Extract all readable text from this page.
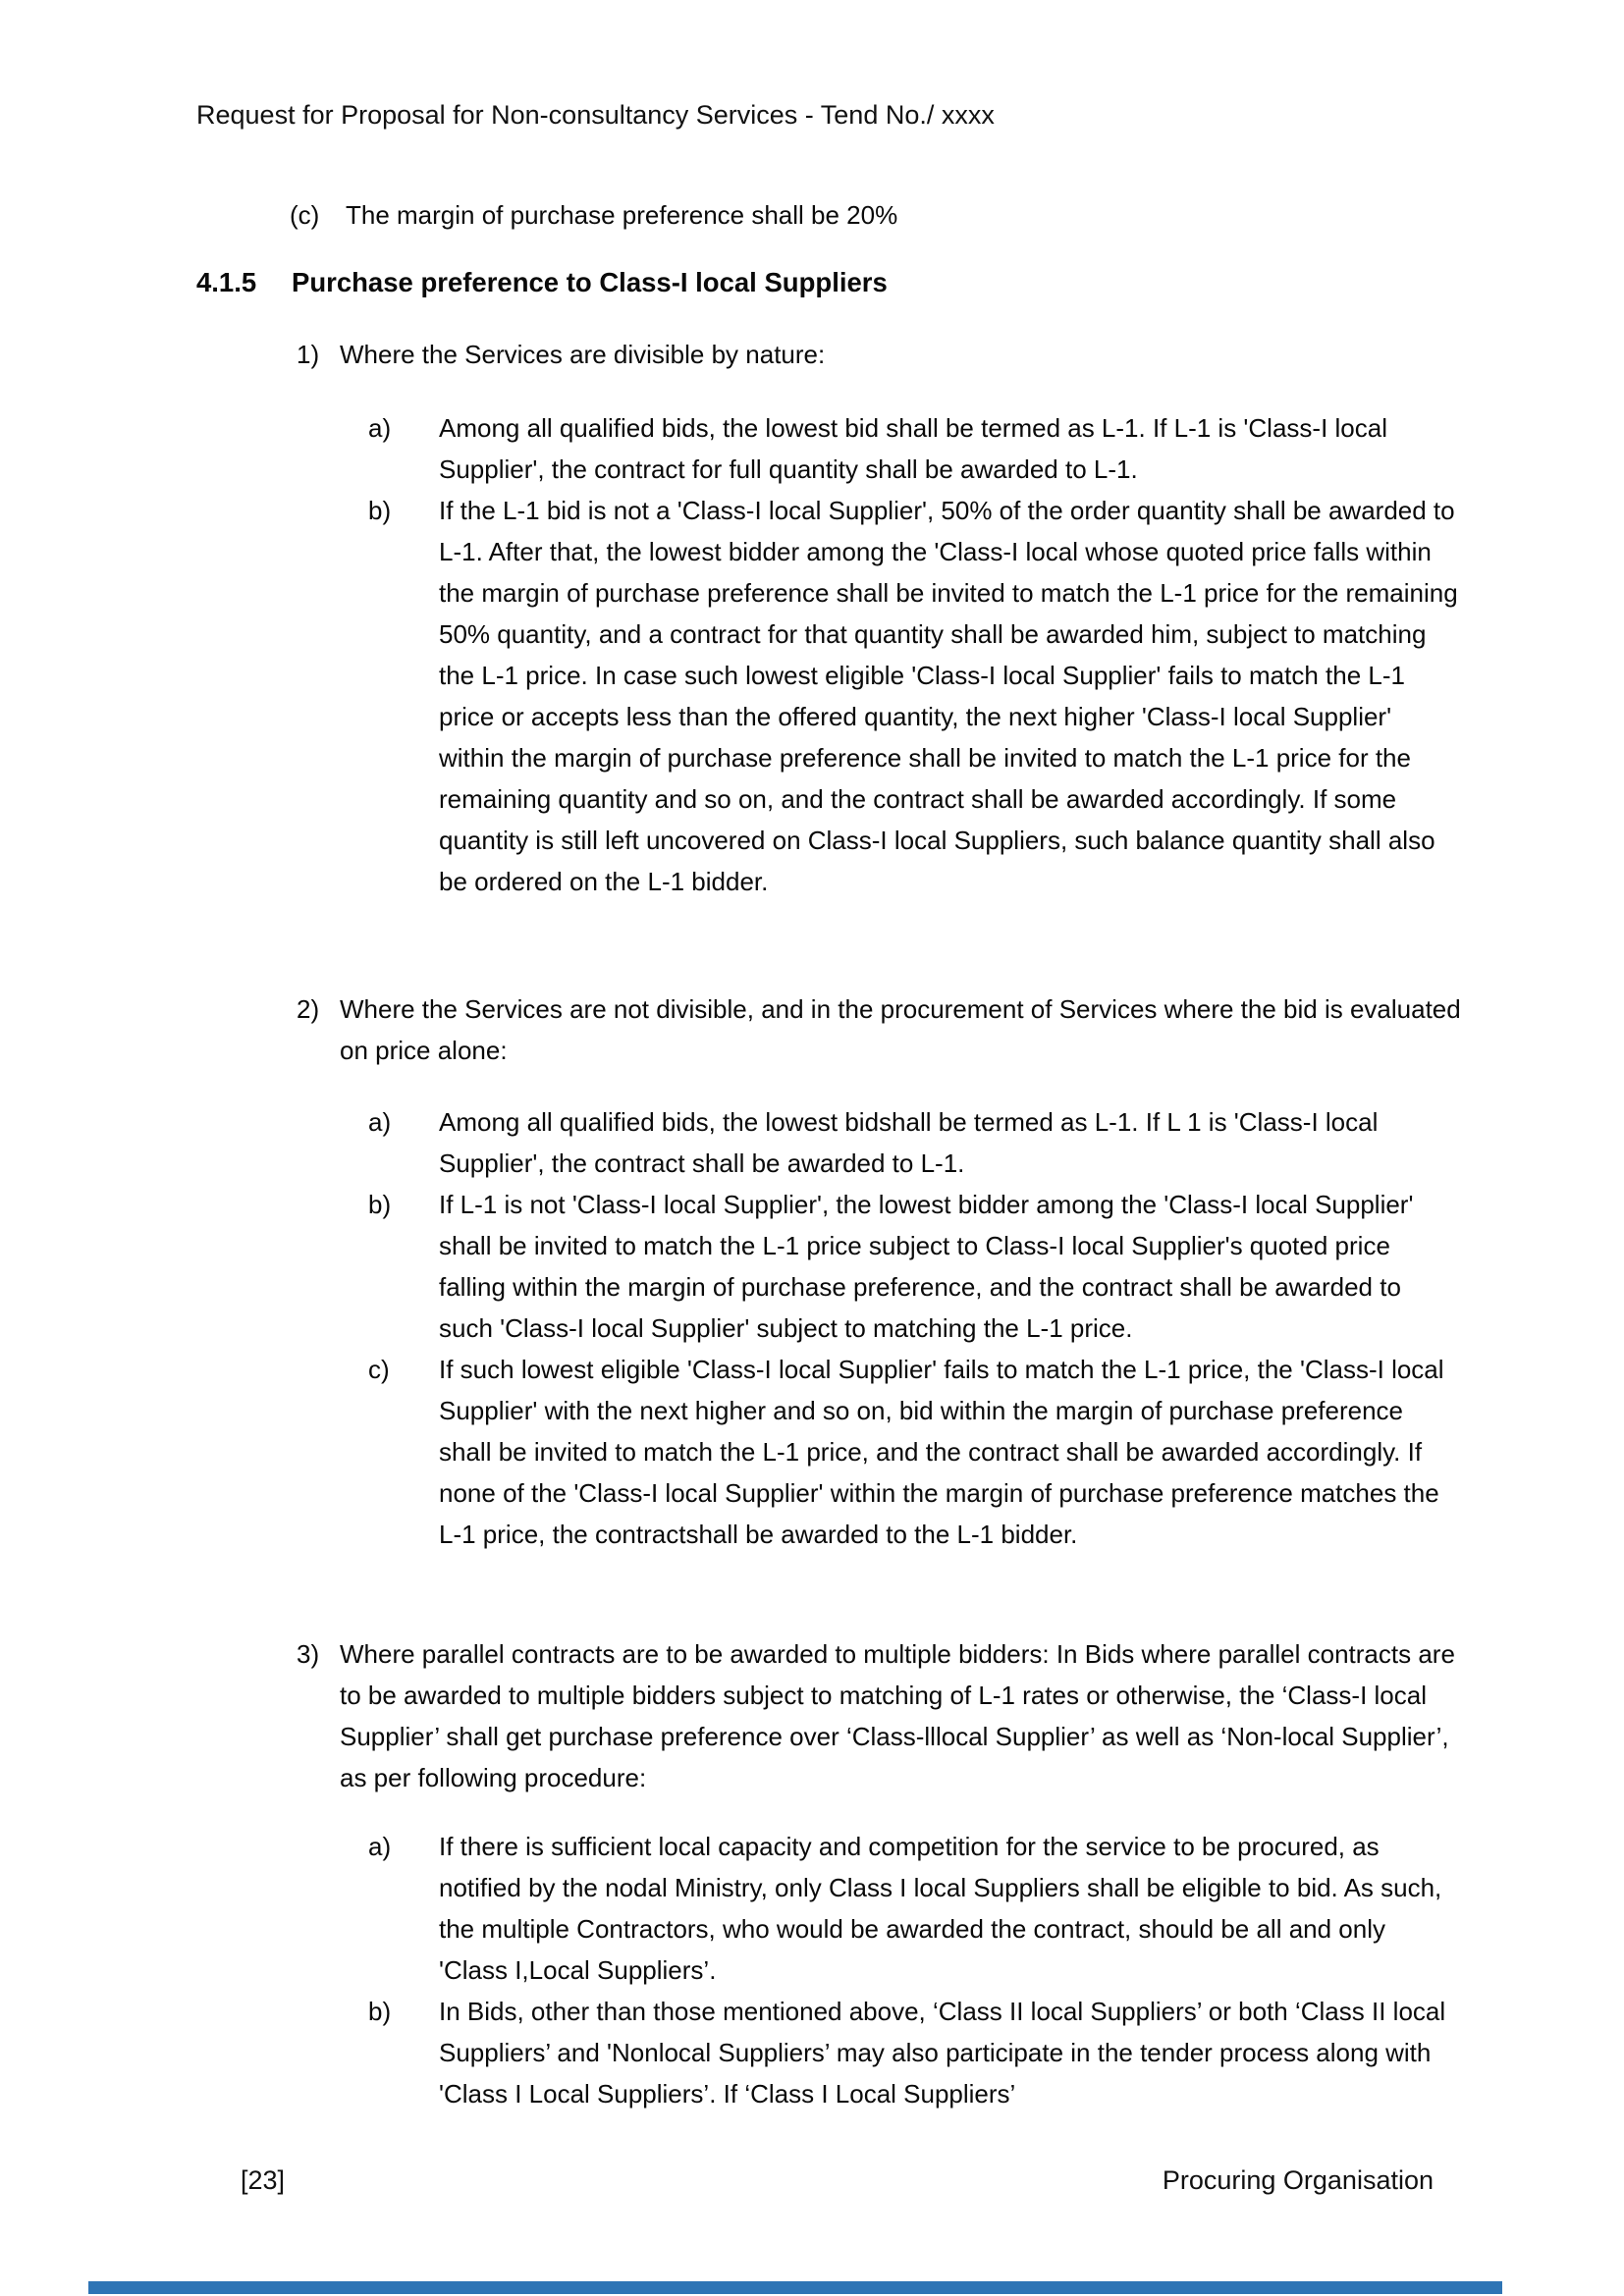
Request for Proposal for Non-consultancy Services - Tend No./ xxxx
(c)	The margin of purchase preference shall be 20%
4.1.5	Purchase preference to Class-I local Suppliers
1) Where the Services are divisible by nature:
a)	Among all qualified bids, the lowest bid shall be termed as L-1. If L-1 is 'Class-I local Supplier', the contract for full quantity shall be awarded to L-1.
b)	If the L-1 bid is not a 'Class-I local Supplier', 50% of the order quantity shall be awarded to L-1. After that, the lowest bidder among the 'Class-I local whose quoted price falls within the margin of purchase preference shall be invited to match the L-1 price for the remaining 50% quantity, and a contract for that quantity shall be awarded him, subject to matching the L-1 price. In case such lowest eligible 'Class-I local Supplier' fails to match the L-1 price or accepts less than the offered quantity, the next higher 'Class-I local Supplier' within the margin of purchase preference shall be invited to match the L-1 price for the remaining quantity and so on, and the contract shall be awarded accordingly. If some quantity is still left uncovered on Class-I local Suppliers, such balance quantity shall also be ordered on the L-1 bidder.
2) Where the Services are not divisible, and in the procurement of Services where the bid is evaluated on price alone:
a)	Among all qualified bids, the lowest bidshall be termed as L-1. If L 1 is 'Class-I local Supplier', the contract shall be awarded to L-1.
b)	If L-1 is not 'Class-I local Supplier', the lowest bidder among the 'Class-I local Supplier' shall be invited to match the L-1 price subject to Class-I local Supplier's quoted price falling within the margin of purchase preference, and the contract shall be awarded to such 'Class-I local Supplier' subject to matching the L-1 price.
c)	If such lowest eligible 'Class-I local Supplier' fails to match the L-1 price, the 'Class-I local Supplier' with the next higher and so on, bid within the margin of purchase preference shall be invited to match the L-1 price, and the contract shall be awarded accordingly. If none of the 'Class-I local Supplier' within the margin of purchase preference matches the L-1 price, the contractshall be awarded to the L-1 bidder.
3) Where parallel contracts are to be awarded to multiple bidders: In Bids where parallel contracts are to be awarded to multiple bidders subject to matching of L-1 rates or otherwise, the ‘Class-I local Supplier’ shall get purchase preference over ‘Class-lllocal Supplier’ as well as ‘Non-local Supplier’, as per following procedure:
a)	If there is sufficient local capacity and competition for the service to be procured, as notified by the nodal Ministry, only Class I local Suppliers shall be eligible to bid. As such, the multiple Contractors, who would be awarded the contract, should be all and only 'Class I,Local Suppliers’.
b)	In Bids, other than those mentioned above, ‘Class II local Suppliers’ or both ‘Class II local Suppliers’ and 'Nonlocal Suppliers’ may also participate in the tender process along with 'Class I Local Suppliers’. If ‘Class I Local Suppliers’
[23]	Procuring Organisation
